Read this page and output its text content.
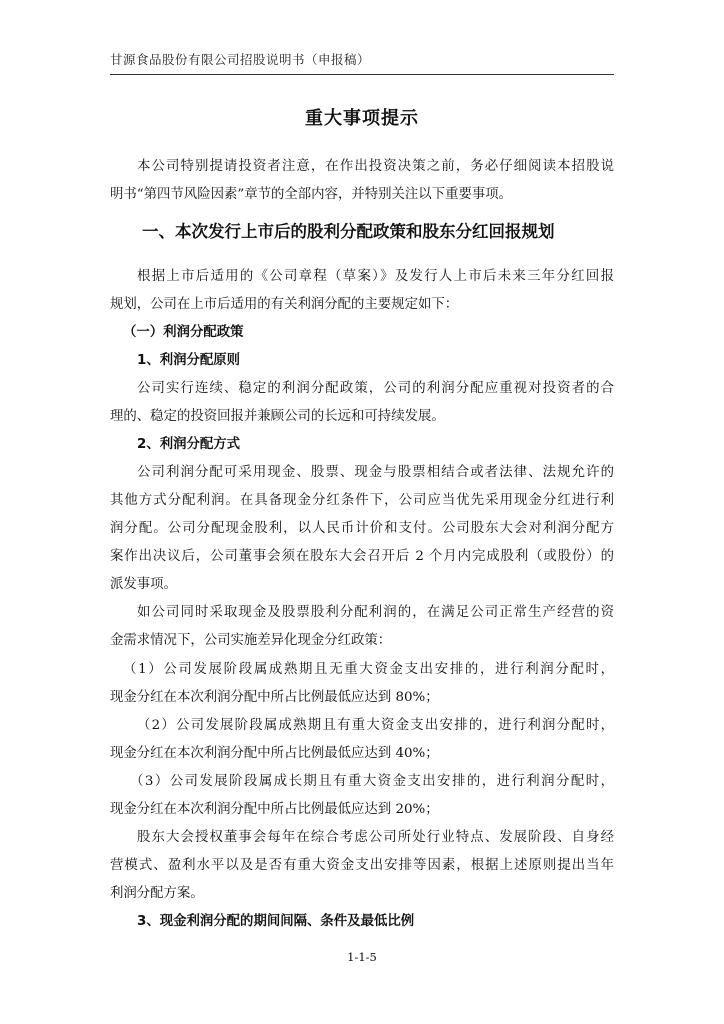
甘源食品股份有限公司招股说明书（申报稿）
重大事项提示
本公司特别提请投资者注意，在作出投资决策之前，务必仔细阅读本招股说
明书“第四节风险因素”章节的全部内容，并特别关注以下重要事项。
一、本次发行上市后的股利分配政策和股东分红回报规划
根据上市后适用的《公司章程（草案）》及发行人上市后未来三年分红回报
规划，公司在上市后适用的有关利润分配的主要规定如下：
（一）利润分配政策
1、利润分配原则
公司实行连续、稳定的利润分配政策，公司的利润分配应重视对投资者的合
理的、稳定的投资回报并兼顾公司的长远和可持续发展。
2、利润分配方式
公司利润分配可采用现金、股票、现金与股票相结合或者法律、法规允许的
其他方式分配利润。在具备现金分红条件下，公司应当优先采用现金分红进行利
润分配。公司分配现金股利，以人民币计价和支付。公司股东大会对利润分配方
案作出决议后，公司董事会须在股东大会召开后 2 个月内完成股利（或股份）的
派发事项。
如公司同时采取现金及股票股利分配利润的，在满足公司正常生产经营的资
金需求情况下，公司实施差异化现金分红政策：
（1）公司发展阶段属成熟期且无重大资金支出安排的，进行利润分配时，
现金分红在本次利润分配中所占比例最低应达到 80%；
（2）公司发展阶段属成熟期且有重大资金支出安排的，进行利润分配时，
现金分红在本次利润分配中所占比例最低应达到 40%；
（3）公司发展阶段属成长期且有重大资金支出安排的，进行利润分配时，
现金分红在本次利润分配中所占比例最低应达到 20%；
股东大会授权董事会每年在综合考虑公司所处行业特点、发展阶段、自身经
营模式、盈利水平以及是否有重大资金支出安排等因素，根据上述原则提出当年
利润分配方案。
3、现金利润分配的期间间隔、条件及最低比例
1-1-5
